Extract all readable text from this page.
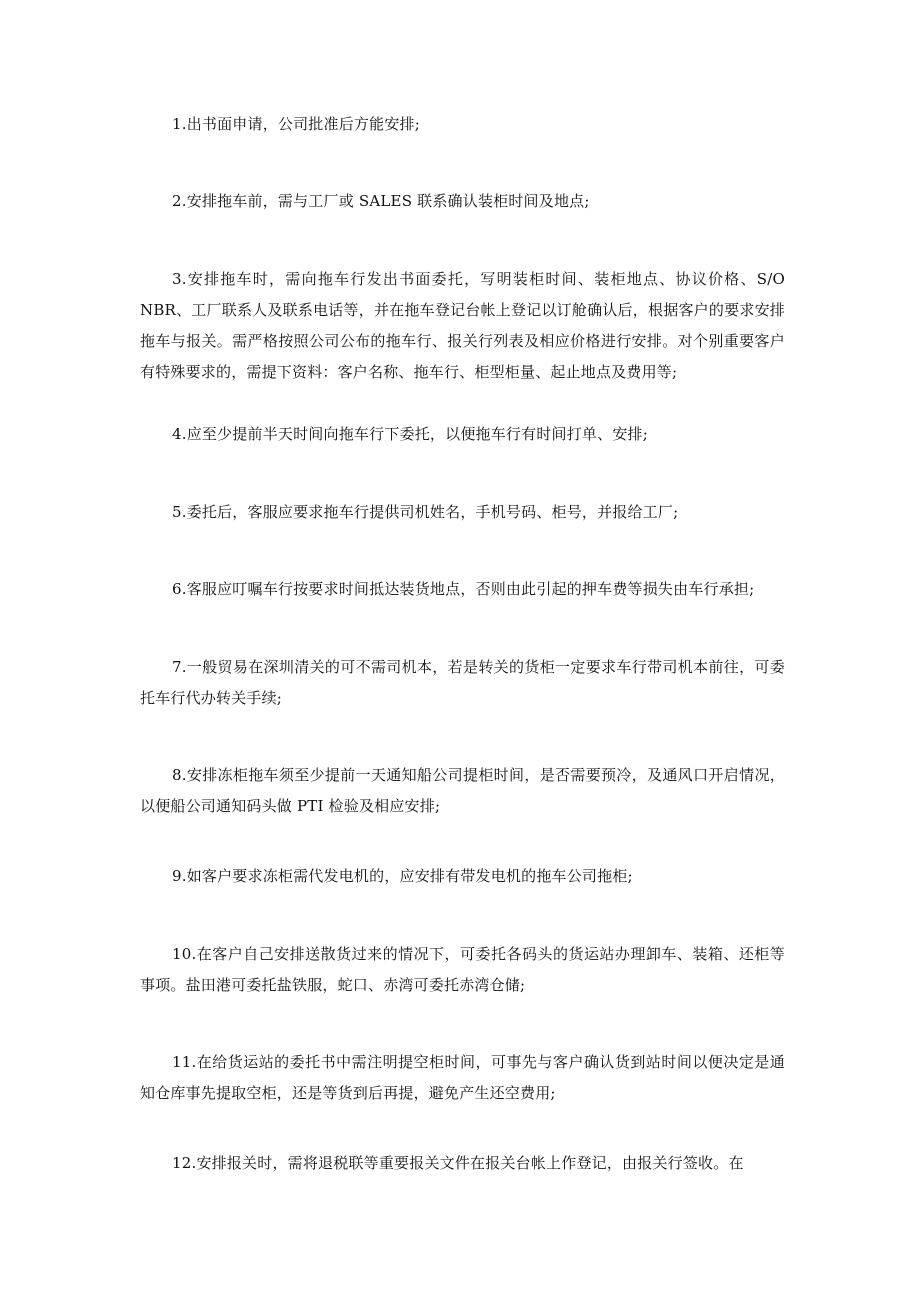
1.出书面申请，公司批准后方能安排;

2.安排拖车前，需与工厂或 SALES 联系确认装柜时间及地点;

3.安排拖车时，需向拖车行发出书面委托，写明装柜时间、装柜地点、协议价格、S/O NBR、工厂联系人及联系电话等，并在拖车登记台帐上登记以订舱确认后，根据客户的要求安排拖车与报关。需严格按照公司公布的拖车行、报关行列表及相应价格进行安排。对个别重要客户有特殊要求的，需提下资料：客户名称、拖车行、柜型柜量、起止地点及费用等;

4.应至少提前半天时间向拖车行下委托，以便拖车行有时间打单、安排;

5.委托后，客服应要求拖车行提供司机姓名，手机号码、柜号，并报给工厂;

6.客服应叮嘱车行按要求时间抵达装货地点，否则由此引起的押车费等损失由车行承担;

7.一般贸易在深圳清关的可不需司机本，若是转关的货柜一定要求车行带司机本前往，可委托车行代办转关手续;

8.安排冻柜拖车须至少提前一天通知船公司提柜时间，是否需要预冷，及通风口开启情况，以便船公司通知码头做 PTI 检验及相应安排;

9.如客户要求冻柜需代发电机的，应安排有带发电机的拖车公司拖柜;

10.在客户自己安排送散货过来的情况下，可委托各码头的货运站办理卸车、装箱、还柜等事项。盐田港可委托盐铁服，蛇口、赤湾可委托赤湾仓储;

11.在给货运站的委托书中需注明提空柜时间，可事先与客户确认货到站时间以便决定是通知仓库事先提取空柜，还是等货到后再提，避免产生还空费用;

12.安排报关时，需将退税联等重要报关文件在报关台帐上作登记，由报关行签收。在
